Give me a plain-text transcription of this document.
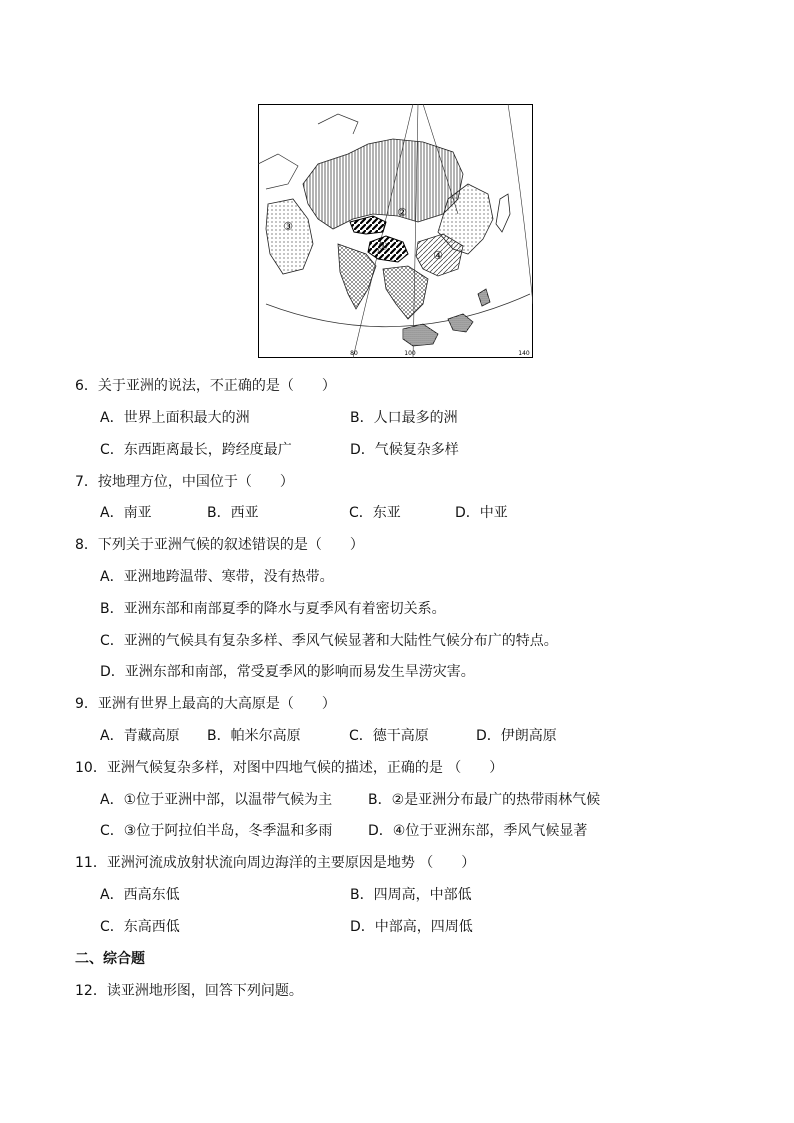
②
①
③
④
80	100	140
6．关于亚洲的说法，不正确的是（　　）
A．世界上面积最大的洲	B．人口最多的洲
C．东西距离最长，跨经度最广	D．气候复杂多样
7．按地理方位，中国位于（　　）
A．南亚	B．西亚	C．东亚	D．中亚
8．下列关于亚洲气候的叙述错误的是（　　）
A．亚洲地跨温带、寒带，没有热带。
B．亚洲东部和南部夏季的降水与夏季风有着密切关系。
C．亚洲的气候具有复杂多样、季风气候显著和大陆性气候分布广的特点。
D．亚洲东部和南部，常受夏季风的影响而易发生旱涝灾害。
9．亚洲有世界上最高的大高原是（　　）
A．青藏高原 B．帕米尔高原	C．德干高原	D．伊朗高原
10．亚洲气候复杂多样，对图中四地气候的描述，正确的是 （　　）
A．①位于亚洲中部，以温带气候为主	B．②是亚洲分布最广的热带雨林气候
C．③位于阿拉伯半岛，冬季温和多雨	D．④位于亚洲东部，季风气候显著
11．亚洲河流成放射状流向周边海洋的主要原因是地势 （　　）
A．西高东低	B．四周高，中部低
C．东高西低	D．中部高，四周低
二、综合题
12．读亚洲地形图，回答下列问题。
